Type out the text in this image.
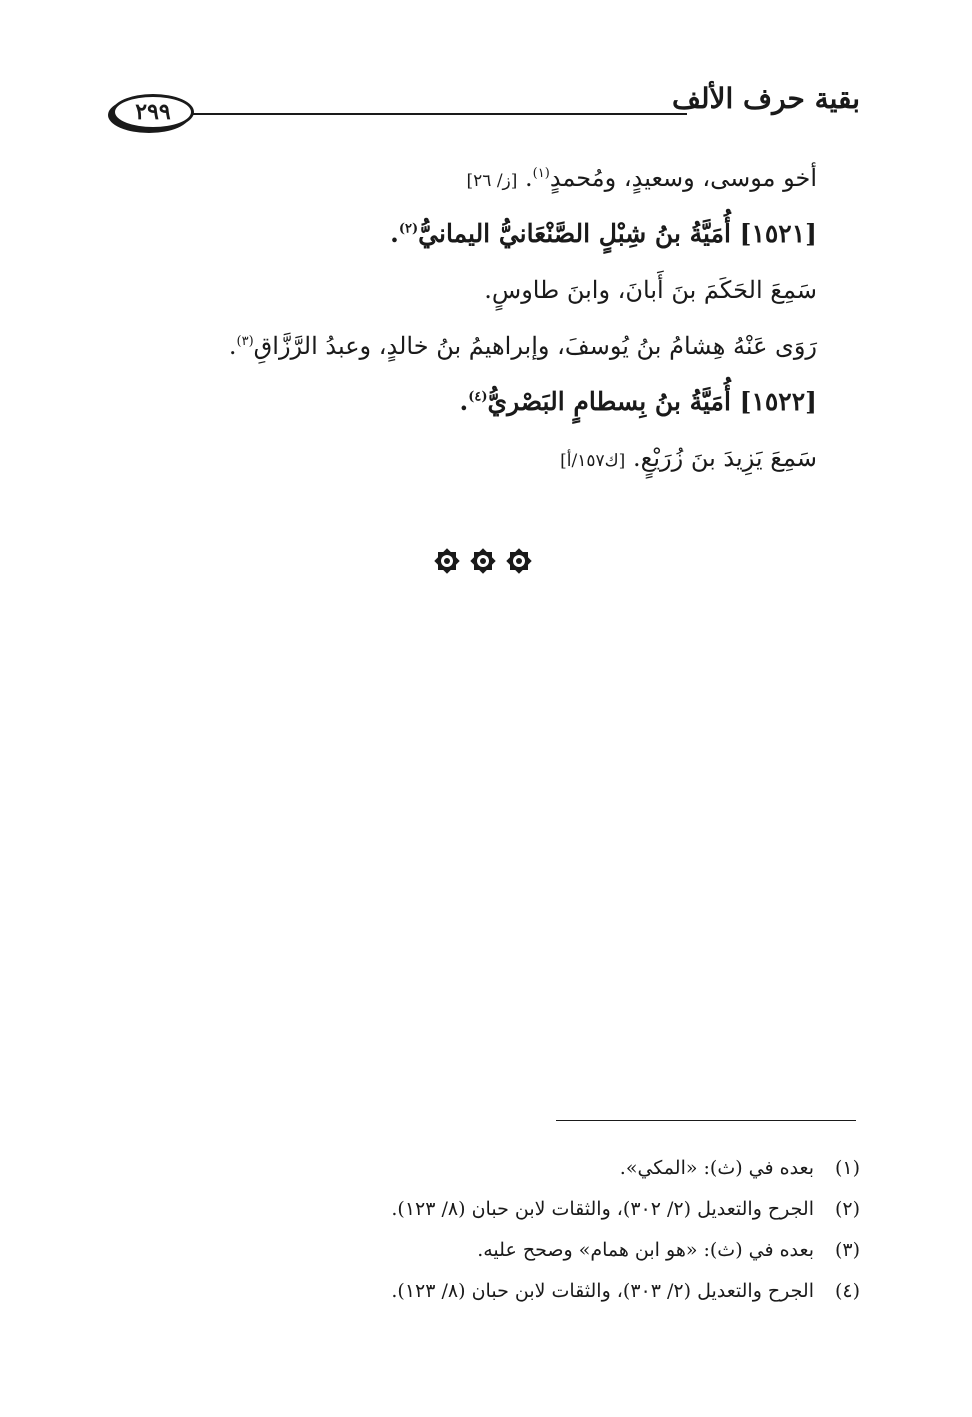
بقية حرف الألف
٢٩٩
أخو موسى، وسعيدٍ، ومُحمدٍ$^{(١)}$. [ز/ ٢٦]
[١٥٢١] أُمَيَّةُ بنُ شِبْلٍ الصَّنْعَانيُّ اليمانيُّ$^{(٢)}$.
سَمِعَ الحَكَمَ بنَ أَبانَ، وابنَ طاوسٍ.
رَوَى عَنْهُ هِشامُ بنُ يُوسفَ، وإبراهيمُ بنُ خالدٍ، وعبدُ الرَّزَّاقِ$^{(٣)}$.
[١٥٢٢] أُمَيَّةُ بنُ بِسطامٍ البَصْريُّ$^{(٤)}$.
سَمِعَ يَزِيدَ بنَ زُرَيْعٍ. [ك١٥٧/أ]
(١)بعده في (ث): «المكي».
(٢)الجرح والتعديل (٢/ ٣٠٢)، والثقات لابن حبان (٨/ ١٢٣).
(٣)بعده في (ث): «هو ابن همام» وصحح عليه.
(٤)الجرح والتعديل (٢/ ٣٠٣)، والثقات لابن حبان (٨/ ١٢٣).
